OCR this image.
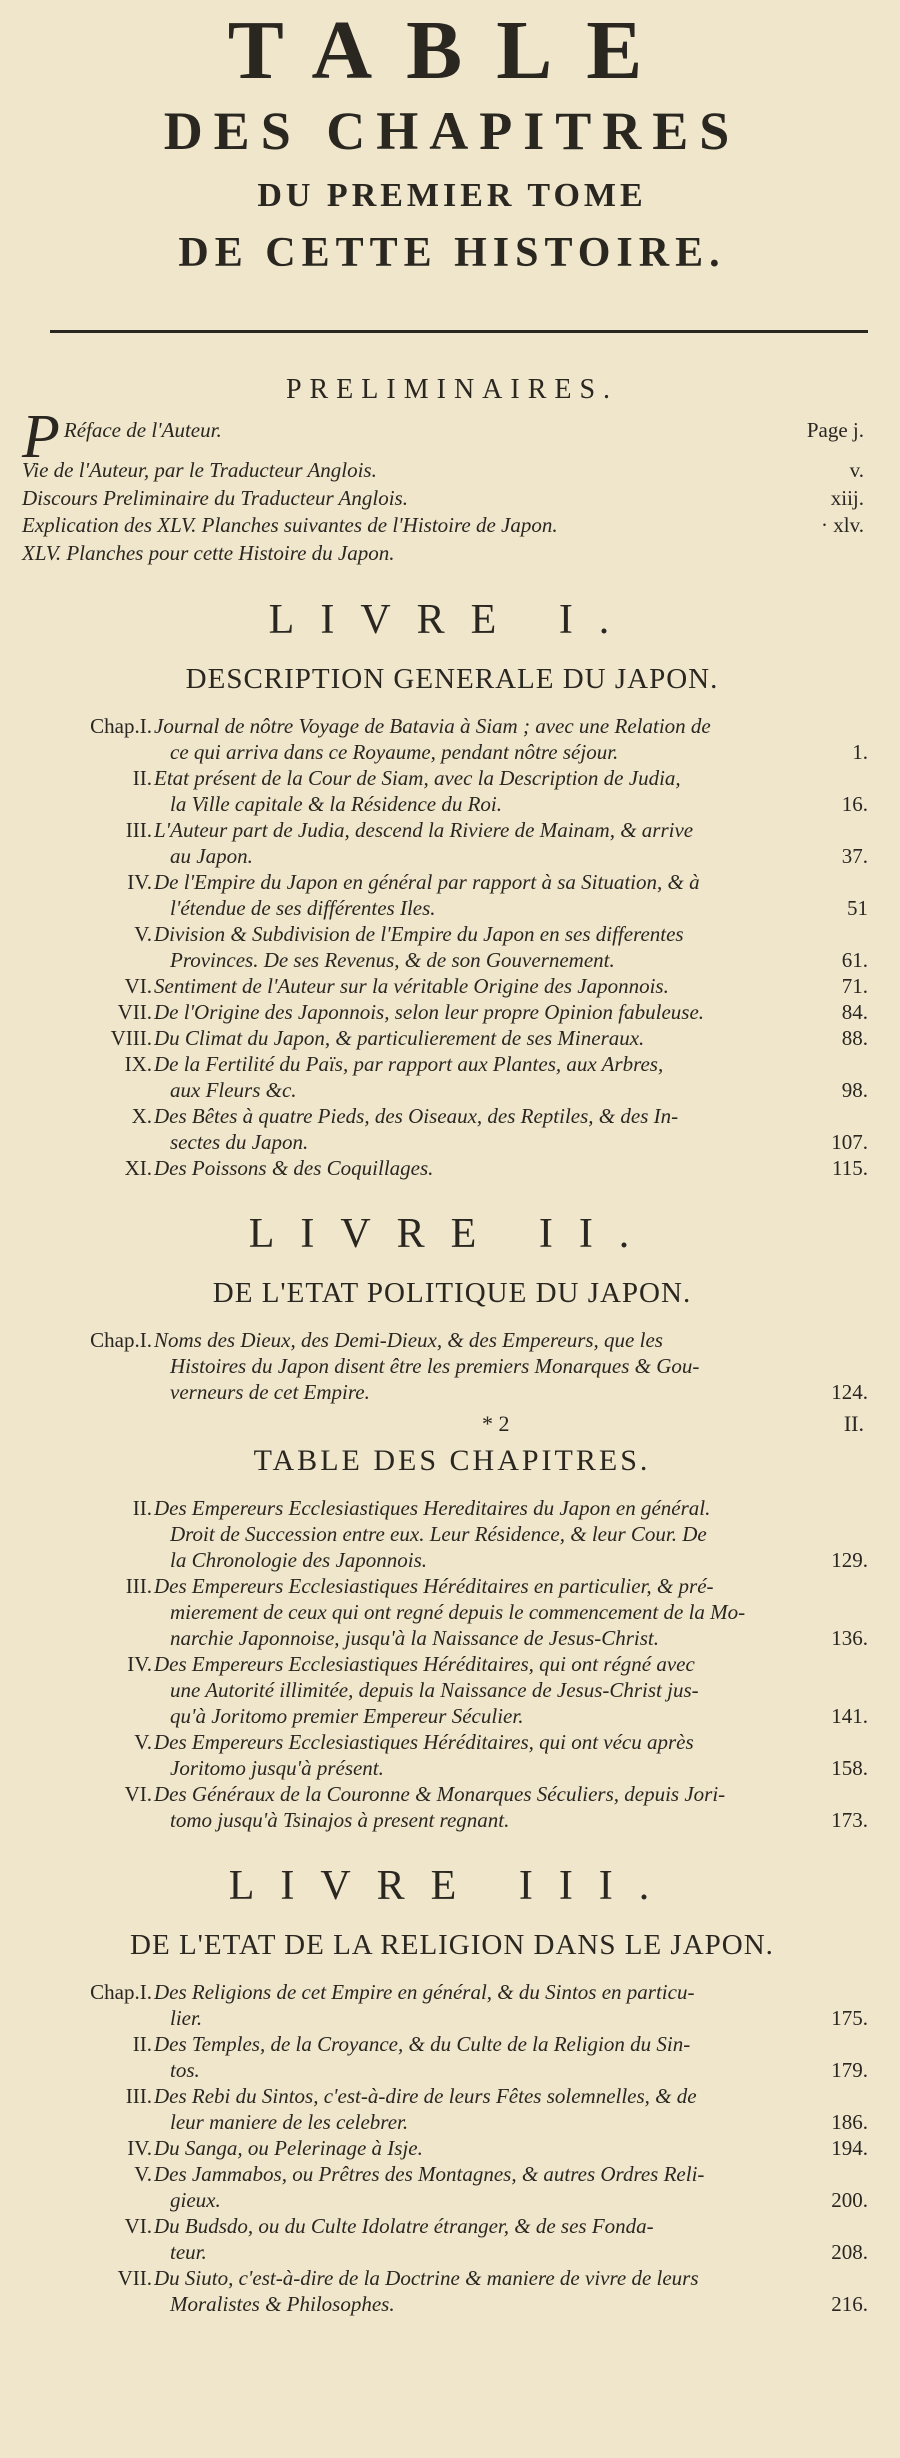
TABLE
DES CHAPITRES
DU PREMIER TOME
DE CETTE HISTOIRE.
PRELIMINAIRES.
P Réface de l'Auteur.	Page j.
Vie de l'Auteur, par le Traducteur Anglois.	v.
Discours Preliminaire du Traducteur Anglois.	xiij.
Explication des XLV. Planches suivantes de l'Histoire de Japon.	· xlv.
XLV. Planches pour cette Histoire du Japon.
LIVRE I.
DESCRIPTION GENERALE DU JAPON.
Chap.I. Journal de nôtre Voyage de Batavia à Siam ; avec une Relation de
ce qui arriva dans ce Royaume, pendant nôtre séjour.	1.
II. Etat présent de la Cour de Siam, avec la Description de Judia,
la Ville capitale & la Résidence du Roi.	16.
III. L'Auteur part de Judia, descend la Riviere de Mainam, & arrive
au Japon.	37.
IV. De l'Empire du Japon en général par rapport à sa Situation, & à
l'étendue de ses différentes Iles.	51
V. Division & Subdivision de l'Empire du Japon en ses differentes
Provinces. De ses Revenus, & de son Gouvernement.	61.
VI. Sentiment de l'Auteur sur la véritable Origine des Japonnois.	71.
VII. De l'Origine des Japonnois, selon leur propre Opinion fabuleuse.	84.
VIII. Du Climat du Japon, & particulierement de ses Mineraux.	88.
IX. De la Fertilité du Païs, par rapport aux Plantes, aux Arbres,
aux Fleurs &c.	98.
X. Des Bêtes à quatre Pieds, des Oiseaux, des Reptiles, & des In-
sectes du Japon.	107.
XI. Des Poissons & des Coquillages.	115.
LIVRE II.
DE L'ETAT POLITIQUE DU JAPON.
Chap.I. Noms des Dieux, des Demi-Dieux, & des Empereurs, que les
Histoires du Japon disent être les premiers Monarques & Gou-
verneurs de cet Empire.	124.
* 2	II.
TABLE DES CHAPITRES.
II. Des Empereurs Ecclesiastiques Hereditaires du Japon en général.
Droit de Succession entre eux. Leur Résidence, & leur Cour. De
la Chronologie des Japonnois.	129.
III. Des Empereurs Ecclesiastiques Héréditaires en particulier, & pré-
mierement de ceux qui ont regné depuis le commencement de la Mo-
narchie Japonnoise, jusqu'à la Naissance de Jesus-Christ.	136.
IV. Des Empereurs Ecclesiastiques Héréditaires, qui ont régné avec
une Autorité illimitée, depuis la Naissance de Jesus-Christ jus-
qu'à Joritomo premier Empereur Séculier.	141.
V. Des Empereurs Ecclesiastiques Héréditaires, qui ont vécu après
Joritomo jusqu'à présent.	158.
VI. Des Généraux de la Couronne & Monarques Séculiers, depuis Jori-
tomo jusqu'à Tsinajos à present regnant.	173.
LIVRE III.
DE L'ETAT DE LA RELIGION DANS LE JAPON.
Chap.I. Des Religions de cet Empire en général, & du Sintos en particu-
lier.	175.
II. Des Temples, de la Croyance, & du Culte de la Religion du Sin-
tos.	179.
III. Des Rebi du Sintos, c'est-à-dire de leurs Fêtes solemnelles, & de
leur maniere de les celebrer.	186.
IV. Du Sanga, ou Pelerinage à Isje.	194.
V. Des Jammabos, ou Prêtres des Montagnes, & autres Ordres Reli-
gieux.	200.
VI. Du Budsdo, ou du Culte Idolatre étranger, & de ses Fonda-
teur.	208.
VII. Du Siuto, c'est-à-dire de la Doctrine & maniere de vivre de leurs
Moralistes & Philosophes.	216.
